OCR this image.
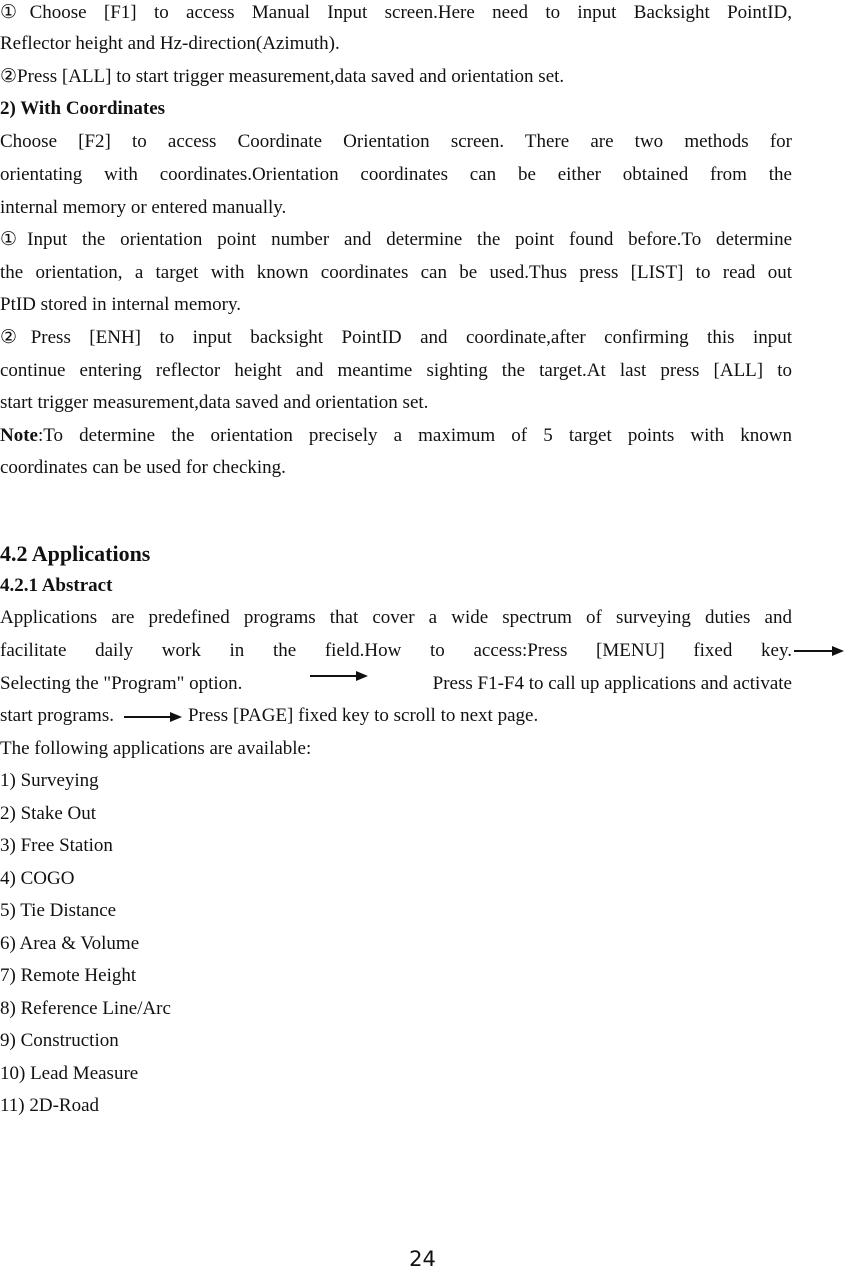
①Choose [F1] to access Manual Input screen.Here need to input Backsight PointID,
Reflector height and Hz-direction(Azimuth).
②Press [ALL] to start trigger measurement,data saved and orientation set.
2) With Coordinates
Choose [F2] to access Coordinate Orientation screen. There are two methods for
orientating with coordinates.Orientation coordinates can be either obtained from the
internal memory or entered manually.
①Input the orientation point number and determine the point found before.To determine
the orientation, a target with known coordinates can be used.Thus press [LIST] to read out
PtID stored in internal memory.
②Press [ENH] to input backsight PointID and coordinate,after confirming this input
continue entering reflector height and meantime sighting the target.At last press [ALL] to
start trigger measurement,data saved and orientation set.
Note:To determine the orientation precisely a maximum of 5 target points with known
coordinates can be used for checking.
4.2 Applications
4.2.1 Abstract
Applications are predefined programs that cover a wide spectrum of surveying duties and
facilitate daily work in the field.How to access:Press [MENU] fixed key.
Selecting the "Program" option.	Press F1-F4 to call up applications and activate
start programs.	Press [PAGE] fixed key to scroll to next page.
The following applications are available:
1) Surveying
2) Stake Out
3) Free Station
4) COGO
5) Tie Distance
6) Area & Volume
7) Remote Height
8) Reference Line/Arc
9) Construction
10) Lead Measure
11) 2D-Road
24
